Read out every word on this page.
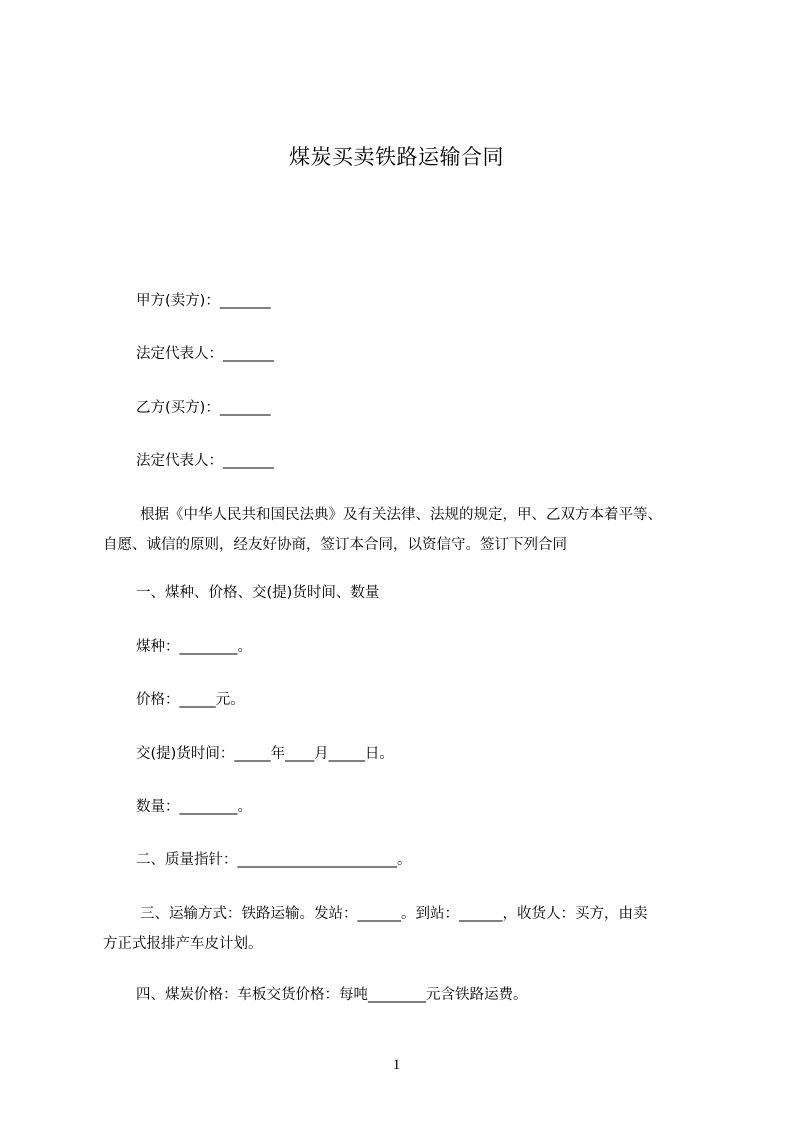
煤炭买卖铁路运输合同
甲方(卖方)：_______
法定代表人：_______
乙方(买方)：_______
法定代表人：_______
根据《中华人民共和国民法典》及有关法律、法规的规定，甲、乙双方本着平等、
自愿、诚信的原则，经友好协商，签订本合同，以资信守。签订下列合同
一、煤种、价格、交(提)货时间、数量
煤种：________。
价格：_____元。
交(提)货时间：_____年____月_____日。
数量：________。
二、质量指针：______________________。
三、运输方式：铁路运输。发站：______。到站：______，收货人：买方，由卖
方正式报排产车皮计划。
四、煤炭价格：车板交货价格：每吨________元含铁路运费。
1
